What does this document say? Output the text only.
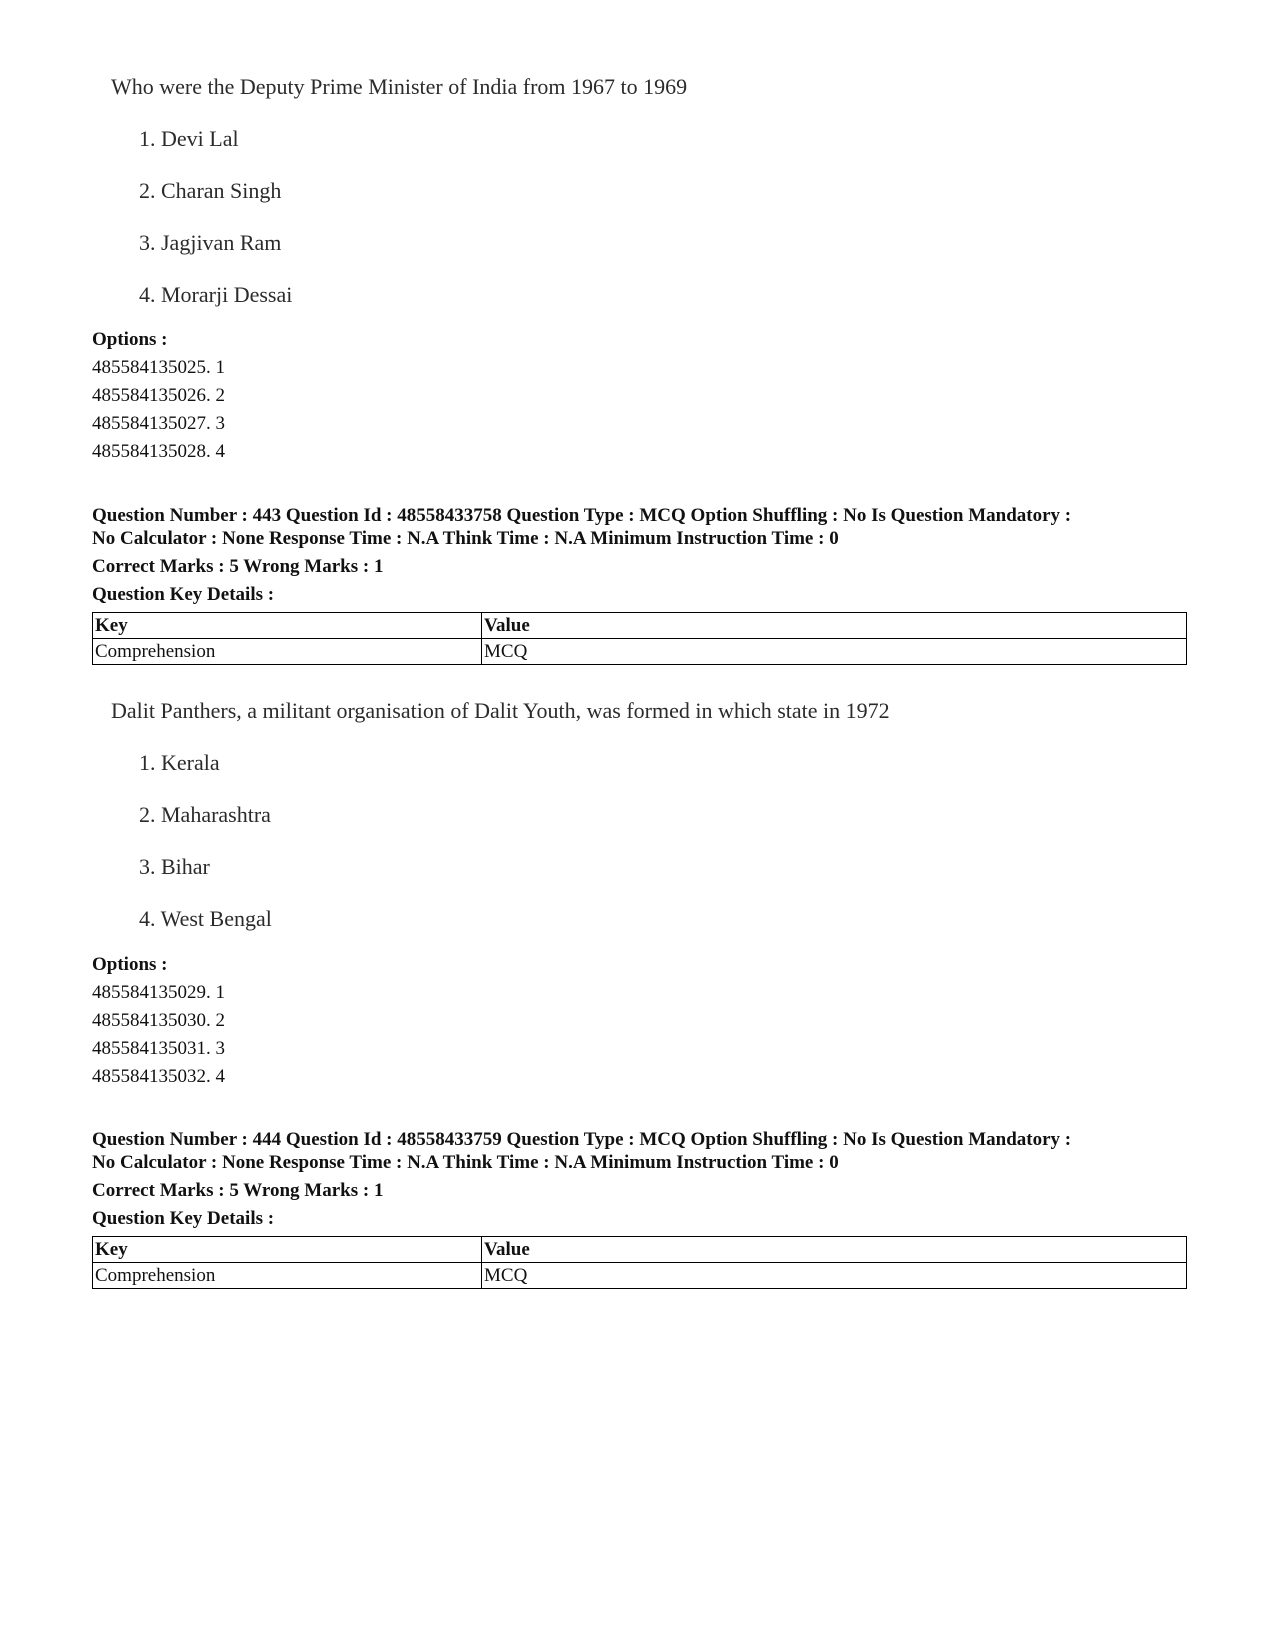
Who were the Deputy Prime Minister of India from 1967 to 1969
1. Devi Lal
2. Charan Singh
3. Jagjivan Ram
4. Morarji Dessai
Options :
485584135025. 1
485584135026. 2
485584135027. 3
485584135028. 4
Question Number : 443 Question Id : 48558433758 Question Type : MCQ Option Shuffling : No Is Question Mandatory :
No Calculator : None Response Time : N.A Think Time : N.A Minimum Instruction Time : 0
Correct Marks : 5 Wrong Marks : 1
Question Key Details :
Key	Value
Comprehension	MCQ
Dalit Panthers, a militant organisation of Dalit Youth, was formed in which state in 1972
1. Kerala
2. Maharashtra
3. Bihar
4. West Bengal
Options :
485584135029. 1
485584135030. 2
485584135031. 3
485584135032. 4
Question Number : 444 Question Id : 48558433759 Question Type : MCQ Option Shuffling : No Is Question Mandatory :
No Calculator : None Response Time : N.A Think Time : N.A Minimum Instruction Time : 0
Correct Marks : 5 Wrong Marks : 1
Question Key Details :
Key	Value
Comprehension	MCQ
